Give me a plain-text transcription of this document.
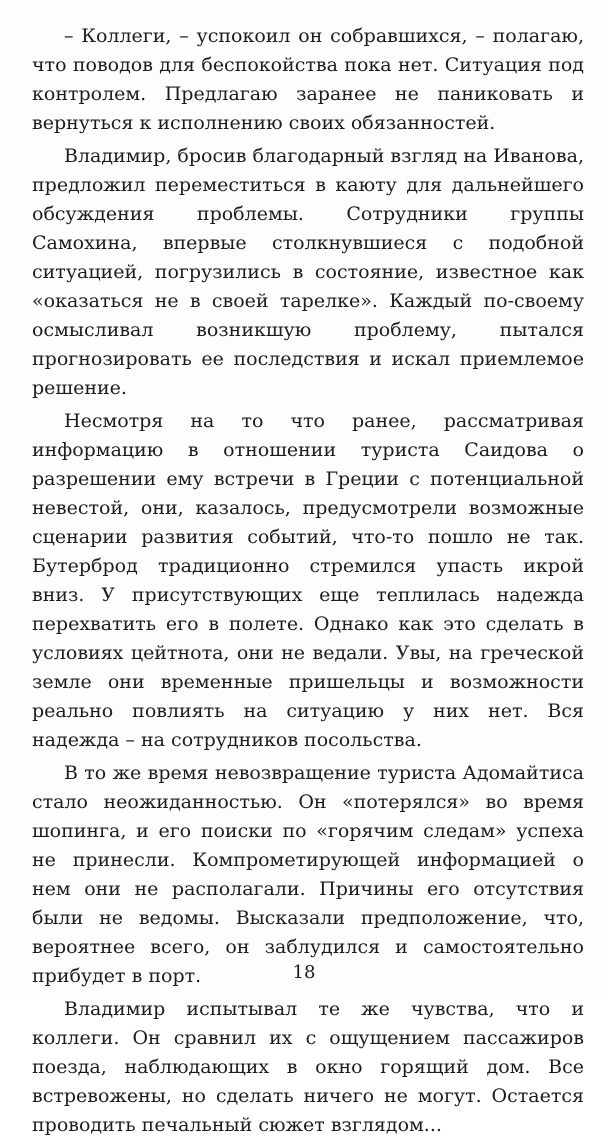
– Коллеги, – успокоил он собравшихся, – полагаю, что поводов для беспокойства пока нет. Ситуация под контролем. Предлагаю заранее не паниковать и вернуться к исполнению своих обязанностей.

Владимир, бросив благодарный взгляд на Иванова, предложил переместиться в каюту для дальнейшего обсуждения проблемы. Сотрудники группы Самохина, впервые столкнувшиеся с подобной ситуацией, погрузились в состояние, известное как «оказаться не в своей тарелке». Каждый по-своему осмысливал возникшую проблему, пытался прогнозировать ее последствия и искал приемлемое решение.

Несмотря на то что ранее, рассматривая информацию в отношении туриста Саидова о разрешении ему встречи в Греции с потенциальной невестой, они, казалось, предусмотрели возможные сценарии развития событий, что-то пошло не так. Бутерброд традиционно стремился упасть икрой вниз. У присутствующих еще теплилась надежда перехватить его в полете. Однако как это сделать в условиях цейтнота, они не ведали. Увы, на греческой земле они временные пришельцы и возможности реально повлиять на ситуацию у них нет. Вся надежда – на сотрудников посольства.

В то же время невозвращение туриста Адомайтиса стало неожиданностью. Он «потерялся» во время шопинга, и его поиски по «горячим следам» успеха не принесли. Компрометирующей информацией о нем они не располагали. Причины его отсутствия были не ведомы. Высказали предположение, что, вероятнее всего, он заблудился и самостоятельно прибудет в порт.

Владимир испытывал те же чувства, что и коллеги. Он сравнил их с ощущением пассажиров поезда, наблюдающих в окно горящий дом. Все встревожены, но сделать ничего не могут. Остается проводить печальный сюжет взглядом...

18
